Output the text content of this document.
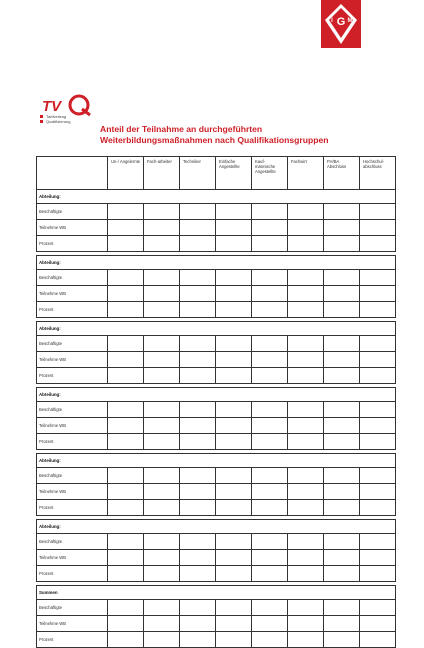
G
I M
TV
Tarifvertrag
Qualifizierung
Anteil der Teilnahme an durchgeführten
Weiterbildungsmaßnahmen nach Qualifikationsgruppen
	Un-/ Angelernte	Fach-arbeiter	Techniker	Einfache Angestellte	Kauf-männische Angestellte	Fachwirt	FH/BA Abschluss	Hochschul-abschluss
Abteilung:								
Beschäftigte								
Teilnehme WB								
Prozent								

Abteilung:								
Beschäftigte								
Teilnehme WB								
Prozent								

Abteilung:								
Beschäftigte								
Teilnehme WB								
Prozent								

Abteilung:								
Beschäftigte								
Teilnehme WB								
Prozent								

Abteilung:								
Beschäftigte								
Teilnehme WB								
Prozent								

Abteilung:								
Beschäftigte								
Teilnehme WB								
Prozent								

Summen								
Beschäftigte								
Teilnehme WB								
Prozent								
